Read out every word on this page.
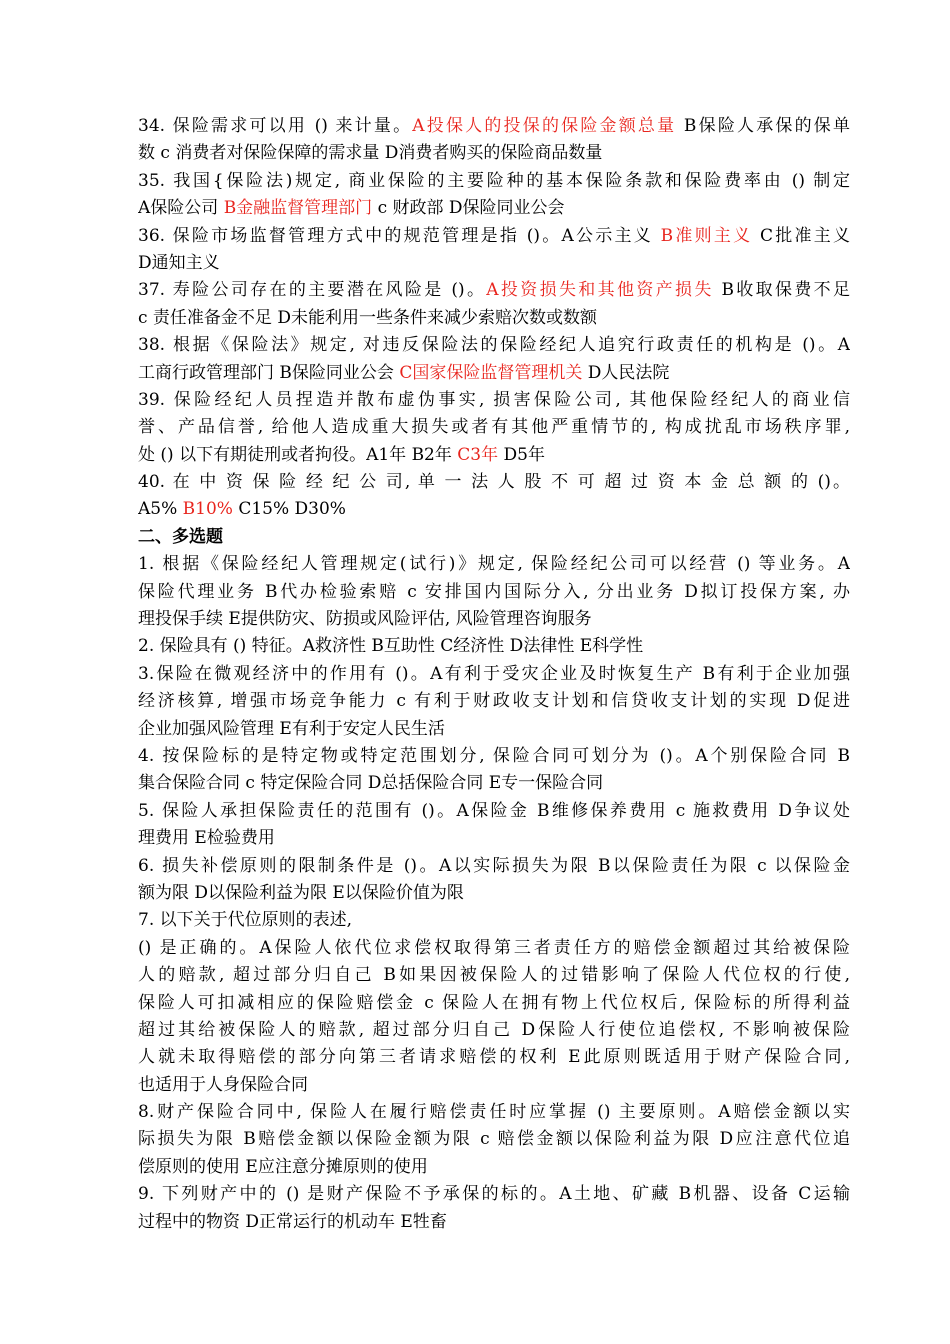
34. 保险需求可以用 () 来计量。A投保人的投保的保险金额总量 B保险人承保的保单
数 c 消费者对保险保障的需求量 D消费者购买的保险商品数量
35. 我国{保险法)规定, 商业保险的主要险种的基本保险条款和保险费率由 () 制定
A保险公司 B金融监督管理部门 c 财政部 D保险同业公会
36. 保险市场监督管理方式中的规范管理是指 ()。A公示主义 B准则主义 C批准主义
D通知主义
37. 寿险公司存在的主要潜在风险是 ()。A投资损失和其他资产损失 B收取保费不足
c 责任准备金不足 D未能利用一些条件来减少索赔次数或数额
38. 根据《保险法》规定, 对违反保险法的保险经纪人追究行政责任的机构是 ()。A
工商行政管理部门 B保险同业公会 C国家保险监督管理机关 D人民法院
39. 保险经纪人员捏造并散布虚伪事实, 损害保险公司, 其他保险经纪人的商业信
誉、产品信誉, 给他人造成重大损失或者有其他严重情节的, 构成扰乱市场秩序罪,
处 () 以下有期徒刑或者拘役。A1年 B2年 C3年 D5年
40. 在 中 资 保 险 经 纪 公 司, 单 一 法 人 股 不 可 超 过 资 本 金 总 额 的 ()。
A5% B10% C15% D30%
二、多选题
1. 根据《保险经纪人管理规定(试行)》规定, 保险经纪公司可以经营 () 等业务。A
保险代理业务 B代办检验索赔 c 安排国内国际分入, 分出业务 D拟订投保方案, 办
理投保手续 E提供防灾、防损或风险评估, 风险管理咨询服务
2. 保险具有 () 特征。A救济性 B互助性 C经济性 D法律性 E科学性
3.保险在微观经济中的作用有 ()。A有利于受灾企业及时恢复生产 B有利于企业加强
经济核算, 增强市场竞争能力 c 有利于财政收支计划和信贷收支计划的实现 D促进
企业加强风险管理 E有利于安定人民生活
4. 按保险标的是特定物或特定范围划分, 保险合同可划分为 ()。A个别保险合同 B
集合保险合同 c 特定保险合同 D总括保险合同 E专一保险合同
5. 保险人承担保险责任的范围有 ()。A保险金 B维修保养费用 c 施救费用 D争议处
理费用 E检验费用
6. 损失补偿原则的限制条件是 ()。A以实际损失为限 B以保险责任为限 c 以保险金
额为限 D以保险利益为限 E以保险价值为限
7. 以下关于代位原则的表述,
() 是正确的。A保险人依代位求偿权取得第三者责任方的赔偿金额超过其给被保险
人的赔款, 超过部分归自己 B如果因被保险人的过错影响了保险人代位权的行使,
保险人可扣减相应的保险赔偿金 c 保险人在拥有物上代位权后, 保险标的所得利益
超过其给被保险人的赔款, 超过部分归自己 D保险人行使位追偿权, 不影响被保险
人就未取得赔偿的部分向第三者请求赔偿的权利 E此原则既适用于财产保险合同,
也适用于人身保险合同
8.财产保险合同中, 保险人在履行赔偿责任时应掌握 () 主要原则。A赔偿金额以实
际损失为限 B赔偿金额以保险金额为限 c 赔偿金额以保险利益为限 D应注意代位追
偿原则的使用 E应注意分摊原则的使用
9. 下列财产中的 () 是财产保险不予承保的标的。A土地、矿藏 B机器、设备 C运输
过程中的物资 D正常运行的机动车 E牲畜
